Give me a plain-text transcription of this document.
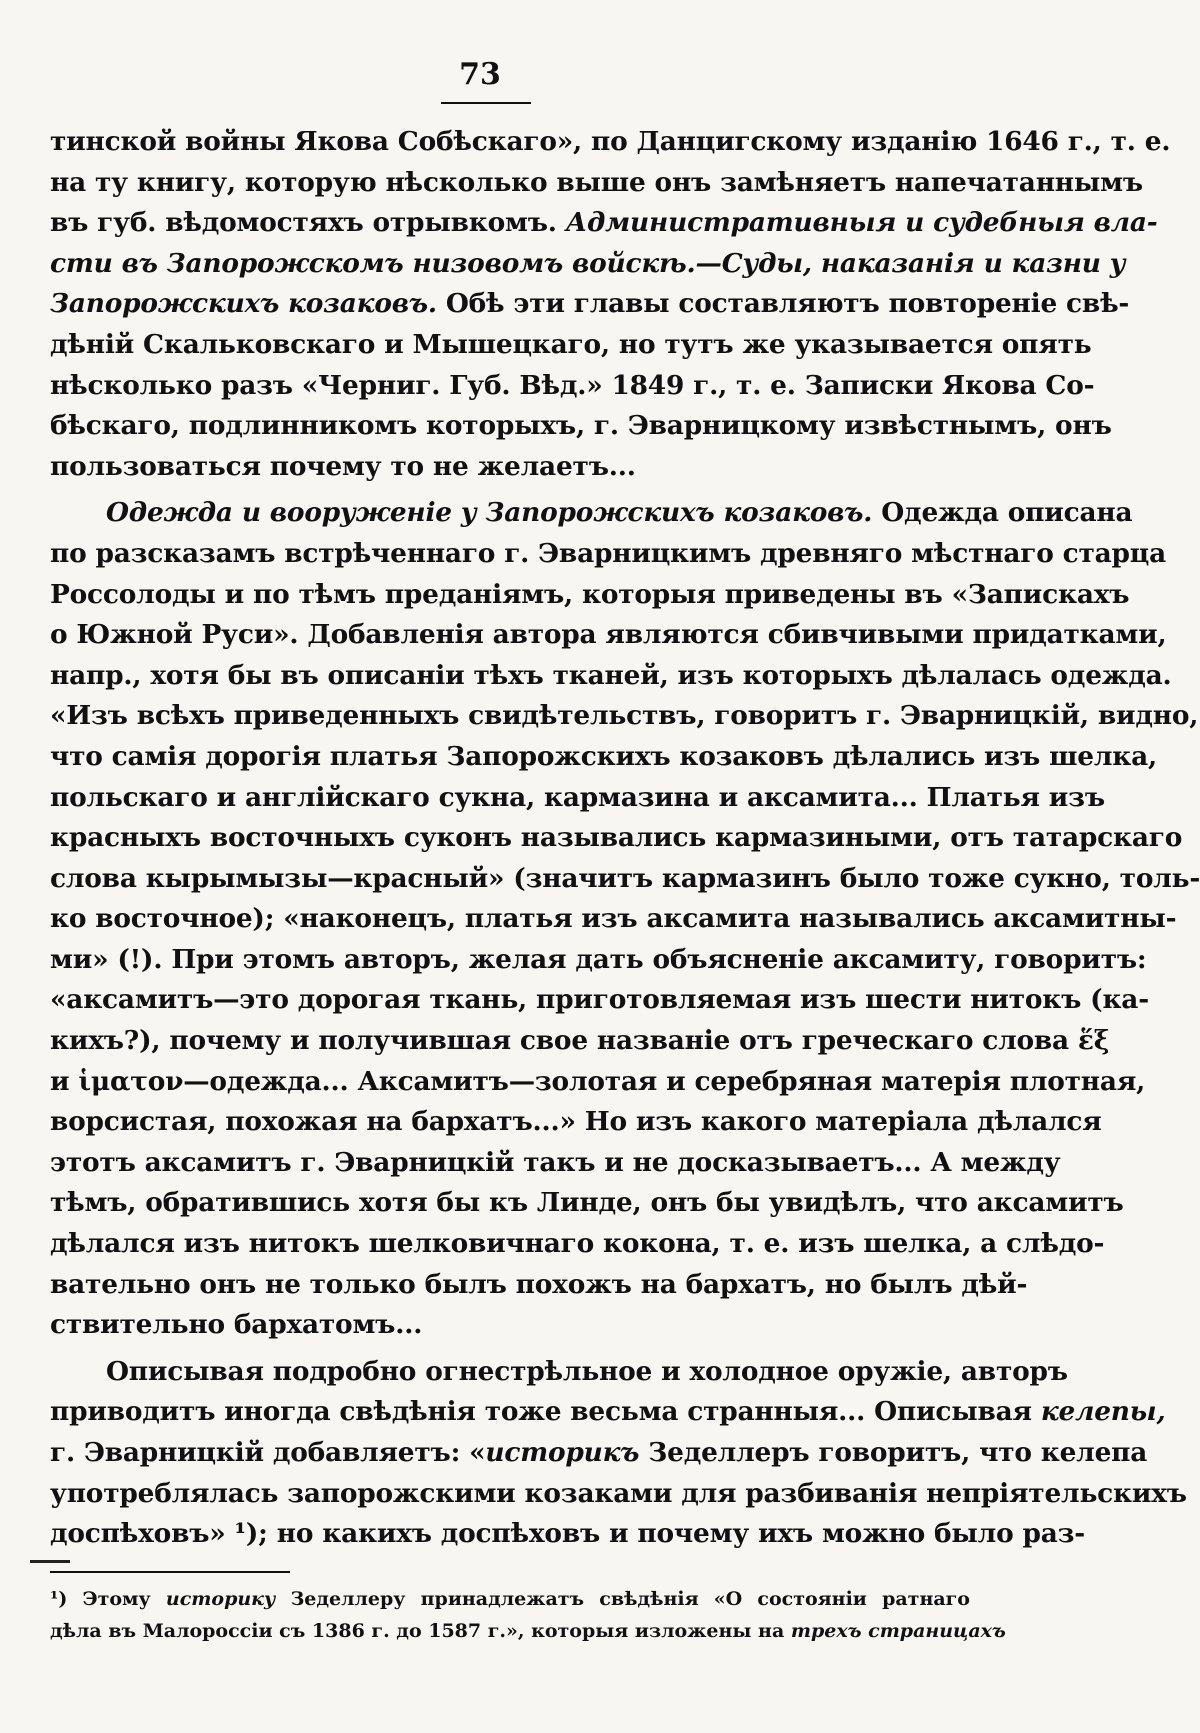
73
тинской войны Якова Собѣскаго», по Данцигскому изданію 1646 г., т. е.
на ту книгу, которую нѣсколько выше онъ замѣняетъ напечатаннымъ
въ губ. вѣдомостяхъ отрывкомъ. Административныя и судебныя вла-
сти въ Запорожскомъ низовомъ войскѣ.—Суды, наказанія и казни у
Запорожскихъ козаковъ. Обѣ эти главы составляютъ повтореніе свѣ-
дѣній Скальковскаго и Мышецкаго, но тутъ же указывается опять
нѣсколько разъ «Черниг. Губ. Вѣд.» 1849 г., т. е. Записки Якова Со-
бѣскаго, подлинникомъ которыхъ, г. Эварницкому извѣстнымъ, онъ
пользоваться почему то не желаетъ...
Одежда и вооруженіе у Запорожскихъ козаковъ. Одежда описана
по разсказамъ встрѣченнаго г. Эварницкимъ древняго мѣстнаго старца
Россолоды и по тѣмъ преданіямъ, которыя приведены въ «Запискахъ
о Южной Руси». Добавленія автора являются сбивчивыми придатками,
напр., хотя бы въ описаніи тѣхъ тканей, изъ которыхъ дѣлалась одежда.
«Изъ всѣхъ приведенныхъ свидѣтельствъ, говоритъ г. Эварницкій, видно,
что самія дорогія платья Запорожскихъ козаковъ дѣлались изъ шелка,
польскаго и англійскаго сукна, кармазина и аксамита... Платья изъ
красныхъ восточныхъ суконъ назывались кармазиными, отъ татарскаго
слова кырымызы—красный» (значитъ кармазинъ было тоже сукно, толь-
ко восточное); «наконецъ, платья изъ аксамита назывались аксамитны-
ми» (!). При этомъ авторъ, желая дать объясненіе аксамиту, говоритъ:
«аксамитъ—это дорогая ткань, приготовляемая изъ шести нитокъ (ка-
кихъ?), почему и получившая свое названіе отъ греческаго слова ἕξ
и ἱματον—одежда... Аксамитъ—золотая и серебряная матерія плотная,
ворсистая, похожая на бархатъ...» Но изъ какого матеріала дѣлался
этотъ аксамитъ г. Эварницкій такъ и не досказываетъ... А между
тѣмъ, обратившись хотя бы къ Линде, онъ бы увидѣлъ, что аксамитъ
дѣлался изъ нитокъ шелковичнаго кокона, т. е. изъ шелка, а слѣдо-
вательно онъ не только былъ похожъ на бархатъ, но былъ дѣй-
ствительно бархатомъ...
Описывая подробно огнестрѣльное и холодное оружіе, авторъ
приводитъ иногда свѣдѣнія тоже весьма странныя... Описывая келепы,
г. Эварницкій добавляетъ: «историкъ Зеделлеръ говоритъ, что келепа
употреблялась запорожскими козаками для разбиванія непріятельскихъ
доспѣховъ» ¹); но какихъ доспѣховъ и почему ихъ можно было раз-
¹) Этому историку Зеделлеру принадлежатъ свѣдѣнія «О состояніи ратнаго
дѣла въ Малороссіи съ 1386 г. до 1587 г.», которыя изложены на трехъ страницахъ
